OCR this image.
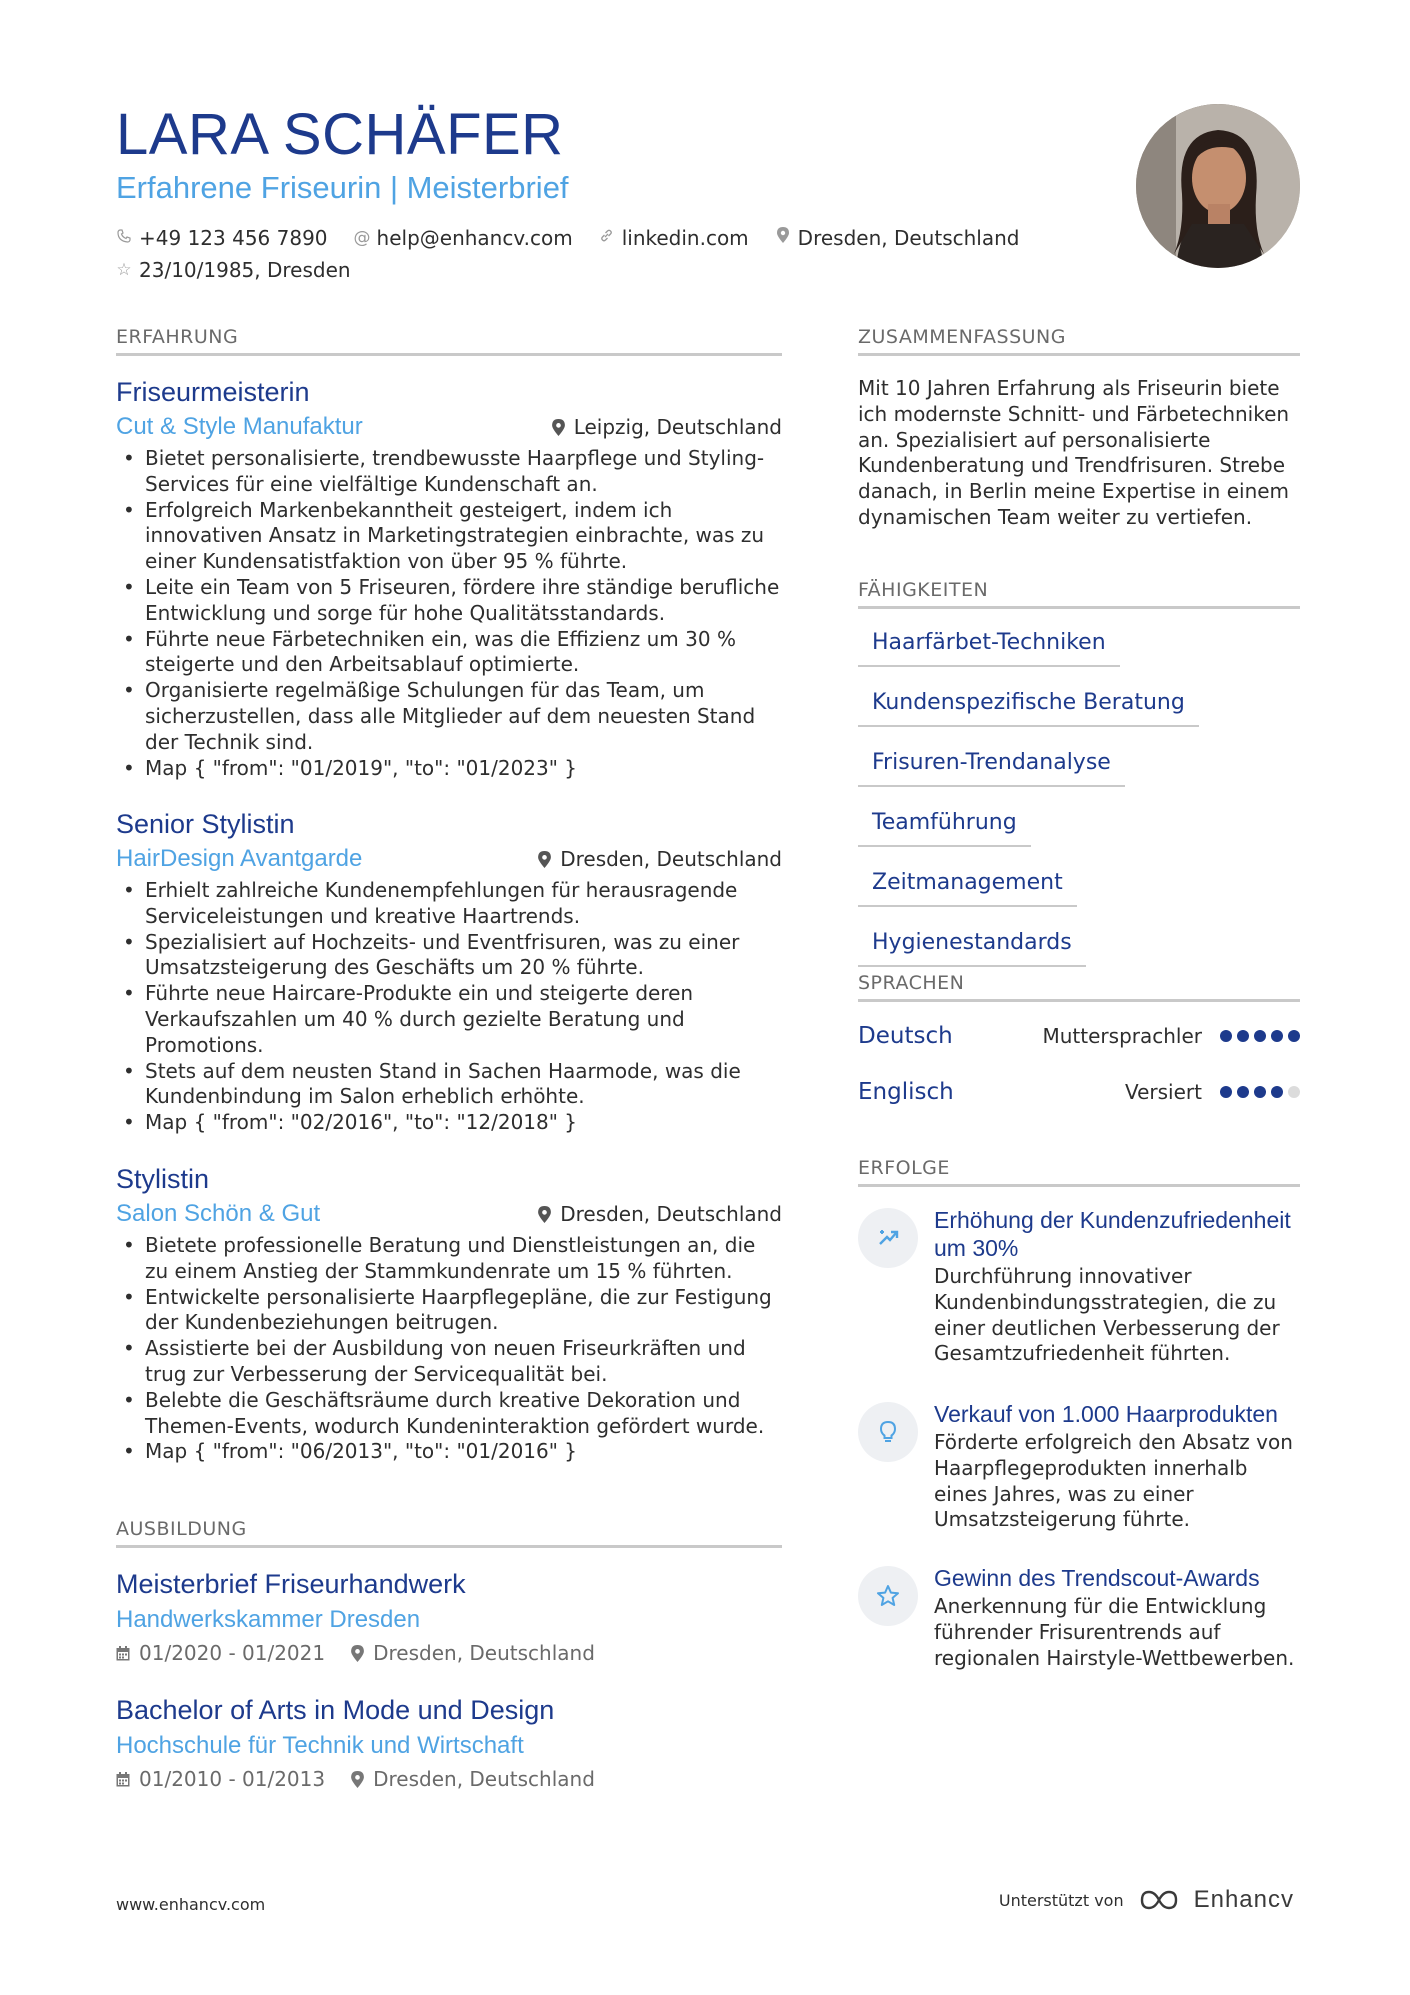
LARA SCHÄFER
Erfahrene Friseurin | Meisterbrief
+49 123 456 7890 @ help@enhancv.com linkedin.com Dresden, Deutschland
☆ 23/10/1985, Dresden
ERFAHRUNG
Friseurmeisterin
Cut & Style Manufaktur	Leipzig, Deutschland
• Bietet personalisierte, trendbewusste Haarpflege und Styling-Services für eine vielfältige Kundenschaft an.
• Erfolgreich Markenbekanntheit gesteigert, indem ich innovativen Ansatz in Marketingstrategien einbrachte, was zu einer Kundensatistfaktion von über 95 % führte.
• Leite ein Team von 5 Friseuren, fördere ihre ständige berufliche Entwicklung und sorge für hohe Qualitätsstandards.
• Führte neue Färbetechniken ein, was die Effizienz um 30 % steigerte und den Arbeitsablauf optimierte.
• Organisierte regelmäßige Schulungen für das Team, um sicherzustellen, dass alle Mitglieder auf dem neuesten Stand der Technik sind.
• Map { "from": "01/2019", "to": "01/2023" }
Senior Stylistin
HairDesign Avantgarde	Dresden, Deutschland
• Erhielt zahlreiche Kundenempfehlungen für herausragende Serviceleistungen und kreative Haartrends.
• Spezialisiert auf Hochzeits- und Eventfrisuren, was zu einer Umsatzsteigerung des Geschäfts um 20 % führte.
• Führte neue Haircare-Produkte ein und steigerte deren Verkaufszahlen um 40 % durch gezielte Beratung und Promotions.
• Stets auf dem neusten Stand in Sachen Haarmode, was die Kundenbindung im Salon erheblich erhöhte.
• Map { "from": "02/2016", "to": "12/2018" }
Stylistin
Salon Schön & Gut	Dresden, Deutschland
• Bietete professionelle Beratung und Dienstleistungen an, die zu einem Anstieg der Stammkundenrate um 15 % führten.
• Entwickelte personalisierte Haarpflegepläne, die zur Festigung der Kundenbeziehungen beitrugen.
• Assistierte bei der Ausbildung von neuen Friseurkräften und trug zur Verbesserung der Servicequalität bei.
• Belebte die Geschäftsräume durch kreative Dekoration und Themen-Events, wodurch Kundeninteraktion gefördert wurde.
• Map { "from": "06/2013", "to": "01/2016" }
AUSBILDUNG
Meisterbrief Friseurhandwerk
Handwerkskammer Dresden
01/2020 - 01/2021 Dresden, Deutschland
Bachelor of Arts in Mode und Design
Hochschule für Technik und Wirtschaft
01/2010 - 01/2013 Dresden, Deutschland
ZUSAMMENFASSUNG
Mit 10 Jahren Erfahrung als Friseurin biete ich modernste Schnitt- und Färbetechniken an. Spezialisiert auf personalisierte Kundenberatung und Trendfrisuren. Strebe danach, in Berlin meine Expertise in einem dynamischen Team weiter zu vertiefen.
FÄHIGKEITEN
Haarfärbet-Techniken
Kundenspezifische Beratung
Frisuren-Trendanalyse
Teamführung
Zeitmanagement
Hygienestandards
SPRACHEN
Deutsch	Muttersprachler
Englisch	Versiert
ERFOLGE
Erhöhung der Kundenzufriedenheit um 30%
Durchführung innovativer Kundenbindungsstrategien, die zu einer deutlichen Verbesserung der Gesamtzufriedenheit führten.
Verkauf von 1.000 Haarprodukten
Förderte erfolgreich den Absatz von Haarpflegeprodukten innerhalb eines Jahres, was zu einer Umsatzsteigerung führte.
Gewinn des Trendscout-Awards
Anerkennung für die Entwicklung führender Frisurentrends auf regionalen Hairstyle-Wettbewerben.
www.enhancv.com	Unterstützt von	Enhancv
